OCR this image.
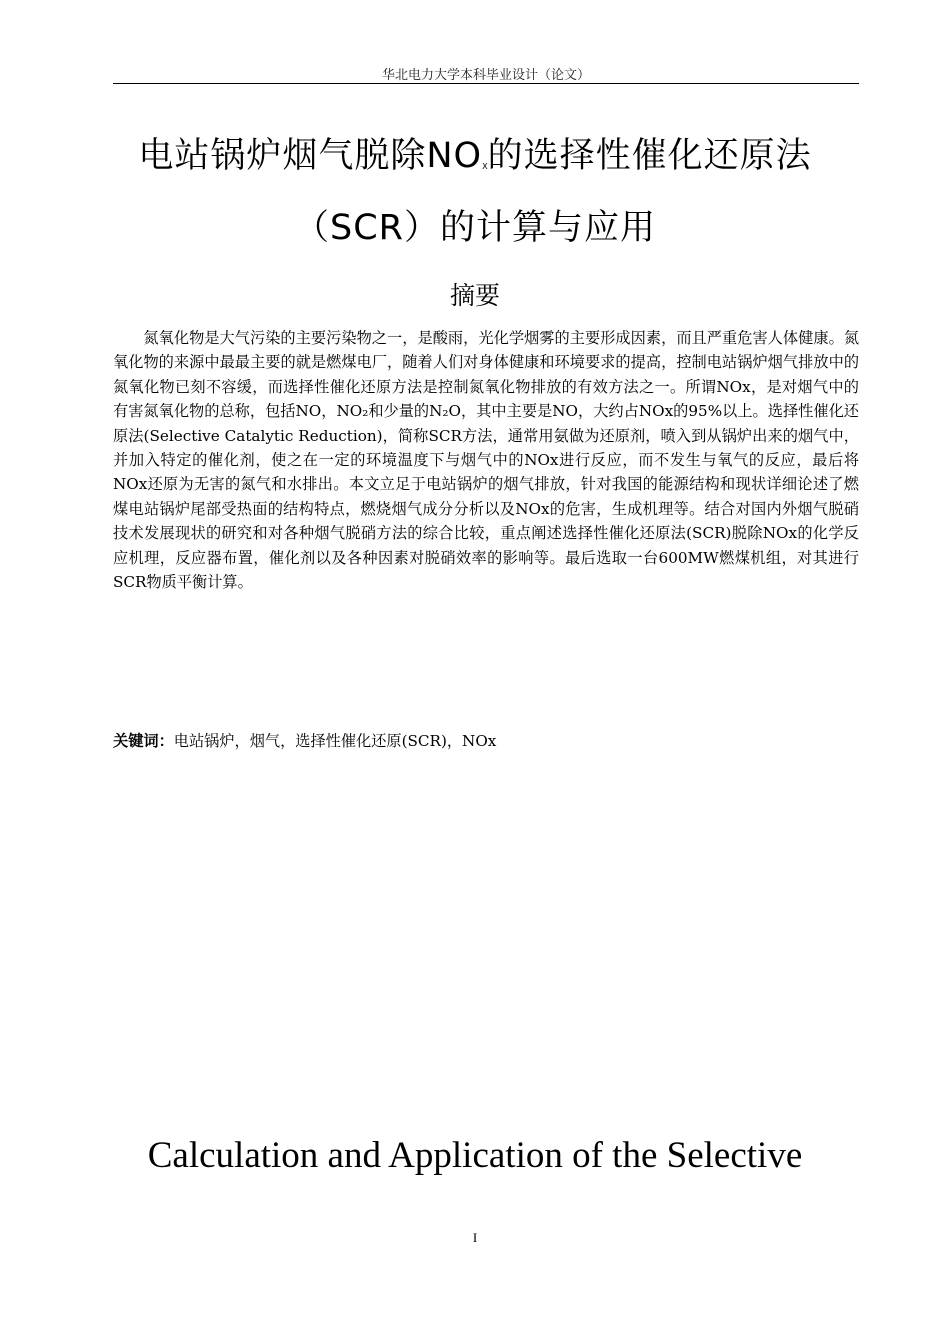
华北电力大学本科毕业设计（论文）
电站锅炉烟气脱除$NO_X$的选择性催化还原法
（SCR）的计算与应用
摘要

氮氧化物是大气污染的主要污染物之一，是酸雨，光化学烟雾的主要形成因素，而且严重危害人体健康。氮氧化物的来源中最最主要的就是燃煤电厂，随着人们对身体健康和环境要求的提高，控制电站锅炉烟气排放中的氮氧化物已刻不容缓，而选择性催化还原方法是控制氮氧化物排放的有效方法之一。所谓NOx，是对烟气中的有害氮氧化物的总称，包括NO，NO₂和少量的N₂O，其中主要是NO，大约占NOx的95%以上。选择性催化还原法(Selective Catalytic Reduction)，简称SCR方法，通常用氨做为还原剂，喷入到从锅炉出来的烟气中，并加入特定的催化剂，使之在一定的环境温度下与烟气中的NOx进行反应，而不发生与氧气的反应，最后将NOx还原为无害的氮气和水排出。本文立足于电站锅炉的烟气排放，针对我国的能源结构和现状详细论述了燃煤电站锅炉尾部受热面的结构特点，燃烧烟气成分分析以及NOx的危害，生成机理等。结合对国内外烟气脱硝技术发展现状的研究和对各种烟气脱硝方法的综合比较，重点阐述选择性催化还原法(SCR)脱除NOx的化学反应机理，反应器布置，催化剂以及各种因素对脱硝效率的影响等。最后选取一台600MW燃煤机组，对其进行SCR物质平衡计算。

关键词：电站锅炉，烟气，选择性催化还原(SCR)，NOx
Calculation and Application of the Selective
I
